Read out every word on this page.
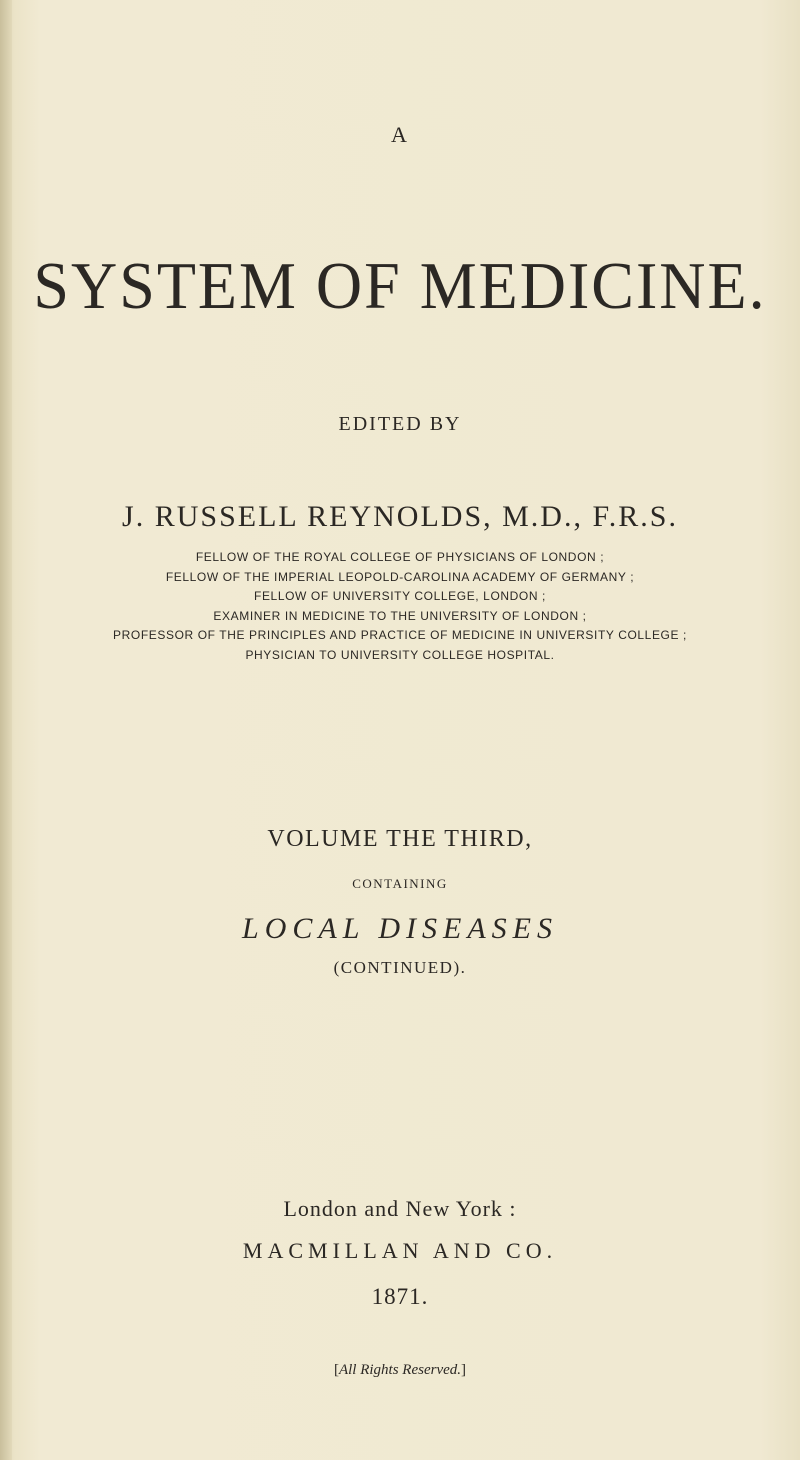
A
SYSTEM OF MEDICINE.
EDITED BY
J. RUSSELL REYNOLDS, M.D., F.R.S.
FELLOW OF THE ROYAL COLLEGE OF PHYSICIANS OF LONDON ;
FELLOW OF THE IMPERIAL LEOPOLD-CAROLINA ACADEMY OF GERMANY ;
FELLOW OF UNIVERSITY COLLEGE, LONDON ;
EXAMINER IN MEDICINE TO THE UNIVERSITY OF LONDON ;
PROFESSOR OF THE PRINCIPLES AND PRACTICE OF MEDICINE IN UNIVERSITY COLLEGE ;
PHYSICIAN TO UNIVERSITY COLLEGE HOSPITAL.
VOLUME THE THIRD,
CONTAINING
LOCAL DISEASES
(CONTINUED).
London and New York :
MACMILLAN AND CO.
1871.
[All Rights Reserved.]
